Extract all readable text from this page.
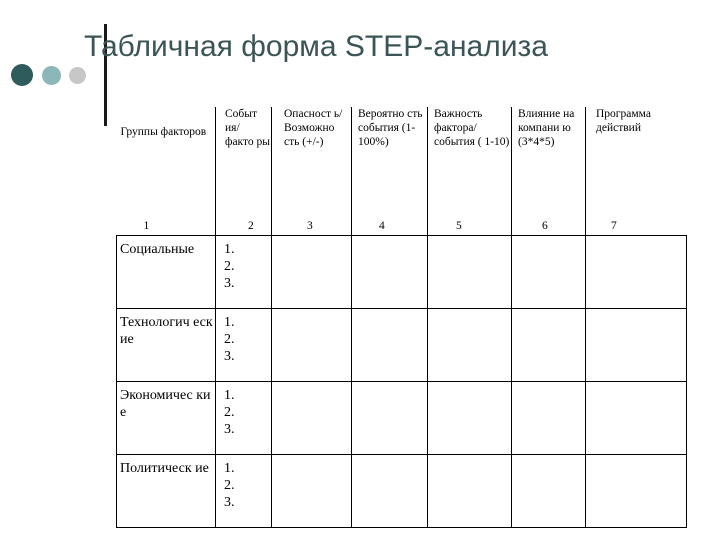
Табличная форма STEP-анализа
Группы факторов	Событ ия/ факто ры	Опасност ь/ Возможно сть (+/-)	Вероятно сть события (1-100%)	Важность фактора/ события ( 1-10)	Влияние на компани ю (3*4*5)	Программа действий
1	2	3	4	5	6	7
Социальные	1.
2.
3.					

Технологич еские	1.
2.
3.					

Экономичес кие	1.
2.
3.					

Политическ ие	1.
2.
3.					
